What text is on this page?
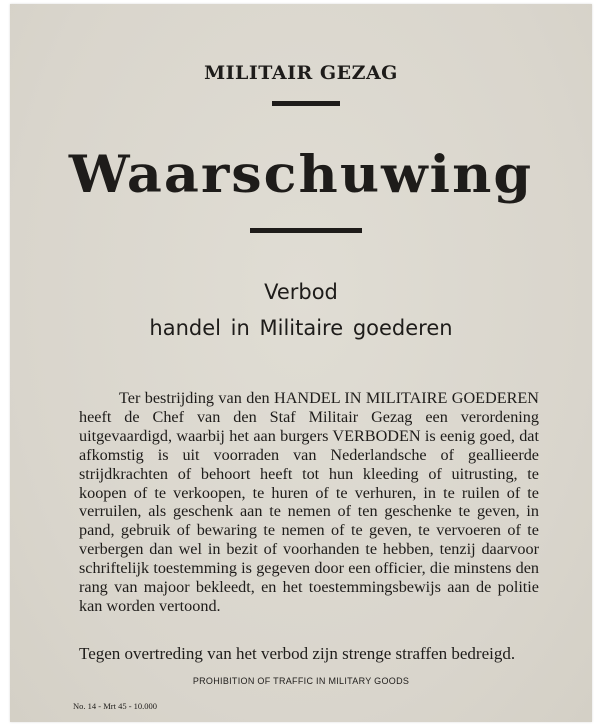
MILITAIR GEZAG
Waarschuwing
Verbod
handel in Militaire goederen

Ter bestrijding van den HANDEL IN MILITAIRE GOEDEREN heeft de Chef van den Staf Militair Gezag een verordening uitgevaardigd, waarbij het aan burgers VERBODEN is eenig goed, dat afkomstig is uit voorraden van Nederlandsche of geallieerde strijdkrachten of behoort heeft tot hun kleeding of uitrusting, te koopen of te verkoopen, te huren of te verhuren, in te ruilen of te verruilen, als geschenk aan te nemen of ten geschenke te geven, in pand, gebruik of bewaring te nemen of te geven, te vervoeren of te verbergen dan wel in bezit of voorhanden te hebben, tenzij daarvoor schriftelijk toestemming is gegeven door een officier, die minstens den rang van majoor bekleedt, en het toestemmingsbewijs aan de politie kan worden vertoond.

Tegen overtreding van het verbod zijn strenge straffen bedreigd.
PROHIBITION OF TRAFFIC IN MILITARY GOODS
No. 14 - Mrt 45 - 10.000
